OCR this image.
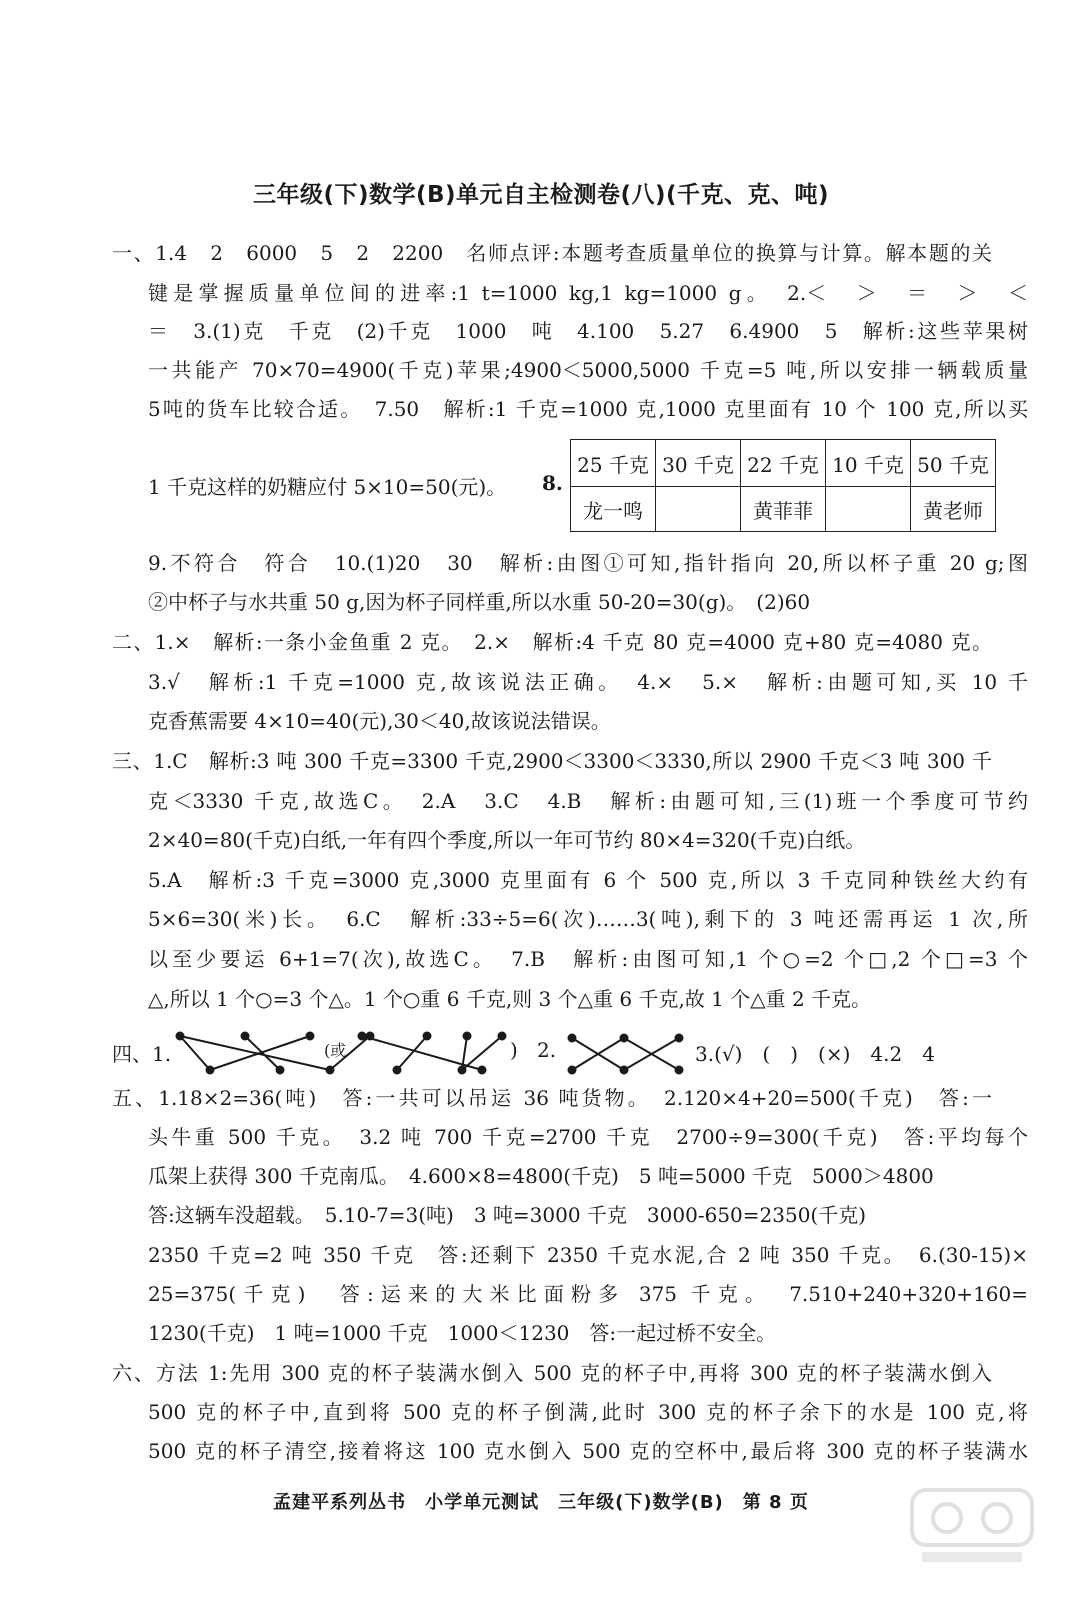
三年级(下)数学(B)单元自主检测卷(八)(千克、克、吨)
一、1.4　2　6000　5　2　2200　名师点评:本题考查质量单位的换算与计算。解本题的关
键是掌握质量单位间的进率:1 t=1000 kg,1 kg=1000 g。　2.＜　＞　＝　＞　＜
＝　3.(1)克　千克　(2)千克　1000　吨　4.100　5.27　6.4900　5　解析:这些苹果树
一共能产 70×70=4900(千克)苹果;4900＜5000,5000 千克=5 吨,所以安排一辆载质量
5吨的货车比较合适。　7.50　解析:1 千克=1000 克,1000 克里面有 10 个 100 克,所以买
1 千克这样的奶糖应付 5×10=50(元)。 8.
25 千克	30 千克	22 千克	10 千克	50 千克
龙一鸣		黄菲菲		黄老师
9.不符合　符合　10.(1)20　30　解析:由图①可知,指针指向 20,所以杯子重 20 g;图
②中杯子与水共重 50 g,因为杯子同样重,所以水重 50-20=30(g)。　(2)60
二、1.×　解析:一条小金鱼重 2 克。　2.×　解析:4 千克 80 克=4000 克+80 克=4080 克。
3.√　解析:1 千克=1000 克,故该说法正确。　4.×　5.×　解析:由题可知,买 10 千
克香蕉需要 4×10=40(元),30＜40,故该说法错误。
三、1.C　解析:3 吨 300 千克=3300 千克,2900＜3300＜3330,所以 2900 千克＜3 吨 300 千
克＜3330 千克,故选C。　2.A　3.C　4.B　解析:由题可知,三(1)班一个季度可节约
2×40=80(千克)白纸,一年有四个季度,所以一年可节约 80×4=320(千克)白纸。
5.A　解析:3 千克=3000 克,3000 克里面有 6 个 500 克,所以 3 千克同种铁丝大约有
5×6=30(米)长。　6.C　解析:33÷5=6(次)……3(吨),剩下的 3 吨还需再运 1 次,所
以至少要运 6+1=7(次),故选C。　7.B　解析:由图可知,1 个○=2 个□,2 个□=3 个
△,所以 1 个○=3 个△。1 个○重 6 千克,则 3 个△重 6 千克,故 1 个△重 2 千克。
四、1.	(或	) 2.	3.(√)　(　)　(×)　4.2　4
五、1.18×2=36(吨)　答:一共可以吊运 36 吨货物。　2.120×4+20=500(千克)　答:一
头牛重 500 千克。　3.2 吨 700 千克=2700 千克　2700÷9=300(千克)　答:平均每个
瓜架上获得 300 千克南瓜。　4.600×8=4800(千克)　5 吨=5000 千克　5000＞4800
答:这辆车没超载。　5.10-7=3(吨)　3 吨=3000 千克　3000-650=2350(千克)
2350 千克=2 吨 350 千克　答:还剩下 2350 千克水泥,合 2 吨 350 千克。　6.(30-15)×
25=375(千克)　答:运来的大米比面粉多 375 千克。　7.510+240+320+160=
1230(千克)　1 吨=1000 千克　1000＜1230　答:一起过桥不安全。
六、方法 1:先用 300 克的杯子装满水倒入 500 克的杯子中,再将 300 克的杯子装满水倒入
500 克的杯子中,直到将 500 克的杯子倒满,此时 300 克的杯子余下的水是 100 克,将
500 克的杯子清空,接着将这 100 克水倒入 500 克的空杯中,最后将 300 克的杯子装满水
孟建平系列丛书　小学单元测试　三年级(下)数学(B)　第 8 页
